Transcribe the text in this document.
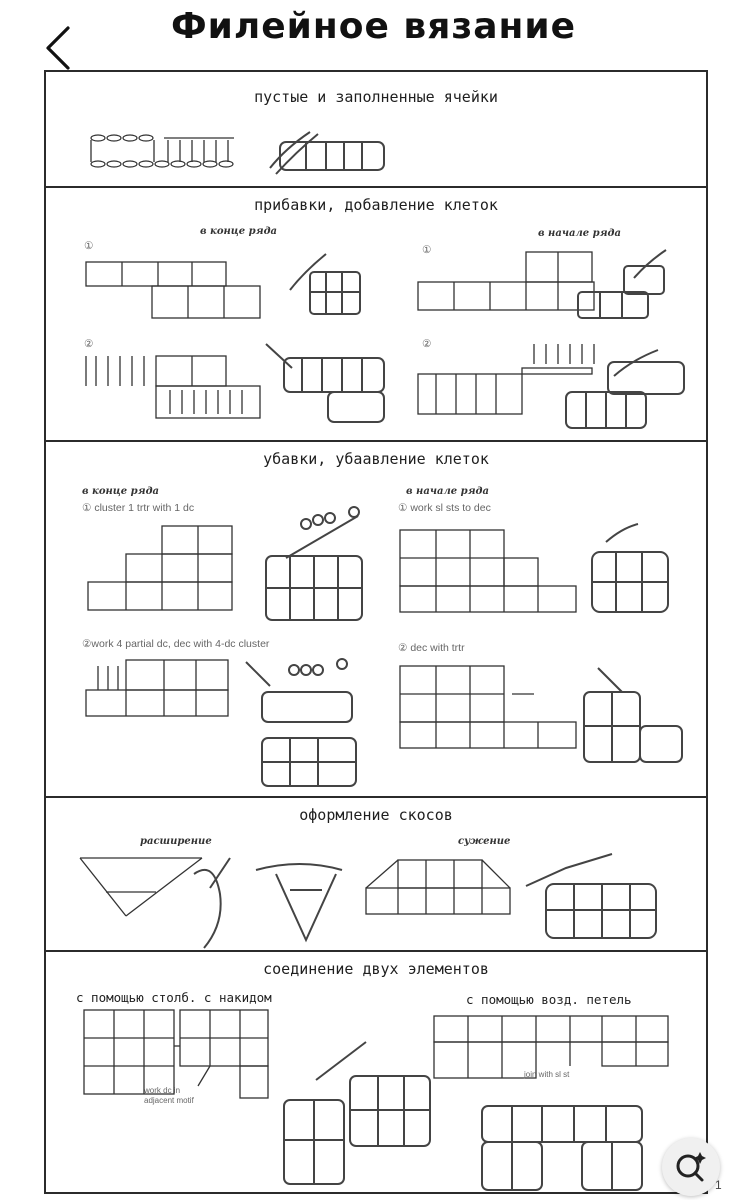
Филейное вязание
пустые и заполненные ячейки
прибавки, добавление клеток
в конце ряда	в начале ряда
①
②
①
②
убавки, убаавление клеток
в конце ряда	в начале ряда
① cluster 1 trtr with 1 dc
②work 4 partial dc, dec with 4-dc cluster
① work sl sts to dec
② dec with trtr
оформление скосов
расширение	сужение
соединение двух элементов
с помощью столб. с накидом	с помощью возд. петель
work dc in adjacent motif
join with sl st
1
